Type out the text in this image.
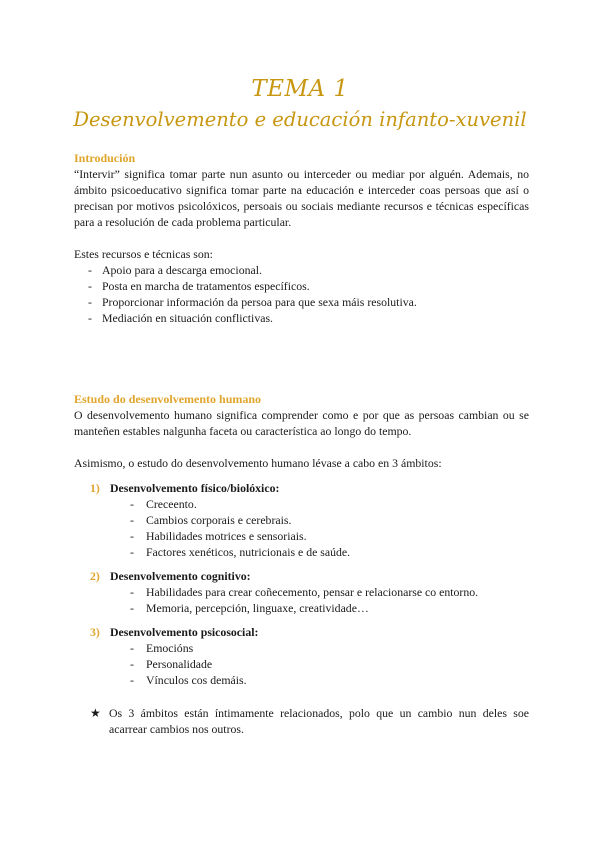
TEMA 1
Desenvolvemento e educación infanto-xuvenil
Introdución

“Intervir” significa tomar parte nun asunto ou interceder ou mediar por alguén. Ademais, no ámbito psicoeducativo significa tomar parte na educación e interceder coas persoas que así o precisan por motivos psicolóxicos, persoais ou sociais mediante recursos e técnicas específicas para a resolución de cada problema particular.

Estes recursos e técnicas son:

- Apoio para a descarga emocional.
- Posta en marcha de tratamentos específicos.
- Proporcionar información da persoa para que sexa máis resolutiva.
- Mediación en situación conflictivas.
Estudo do desenvolvemento humano

O desenvolvemento humano significa comprender como e por que as persoas cambian ou se manteñen estables nalgunha faceta ou característica ao longo do tempo.

Asimismo, o estudo do desenvolvemento humano lévase a cabo en 3 ámbitos:

1) Desenvolvemento físico/biolóxico:
- Creceento.
- Cambios corporais e cerebrais.
- Habilidades motrices e sensoriais.
- Factores xenéticos, nutricionais e de saúde.
2) Desenvolvemento cognitivo:
- Habilidades para crear coñecemento, pensar e relacionarse co entorno.
- Memoria, percepción, linguaxe, creatividade…
3) Desenvolvemento psicosocial:
- Emocións
- Personalidade
- Vínculos cos demáis.

★ Os 3 ámbitos están íntimamente relacionados, polo que un cambio nun deles soe acarrear cambios nos outros.
